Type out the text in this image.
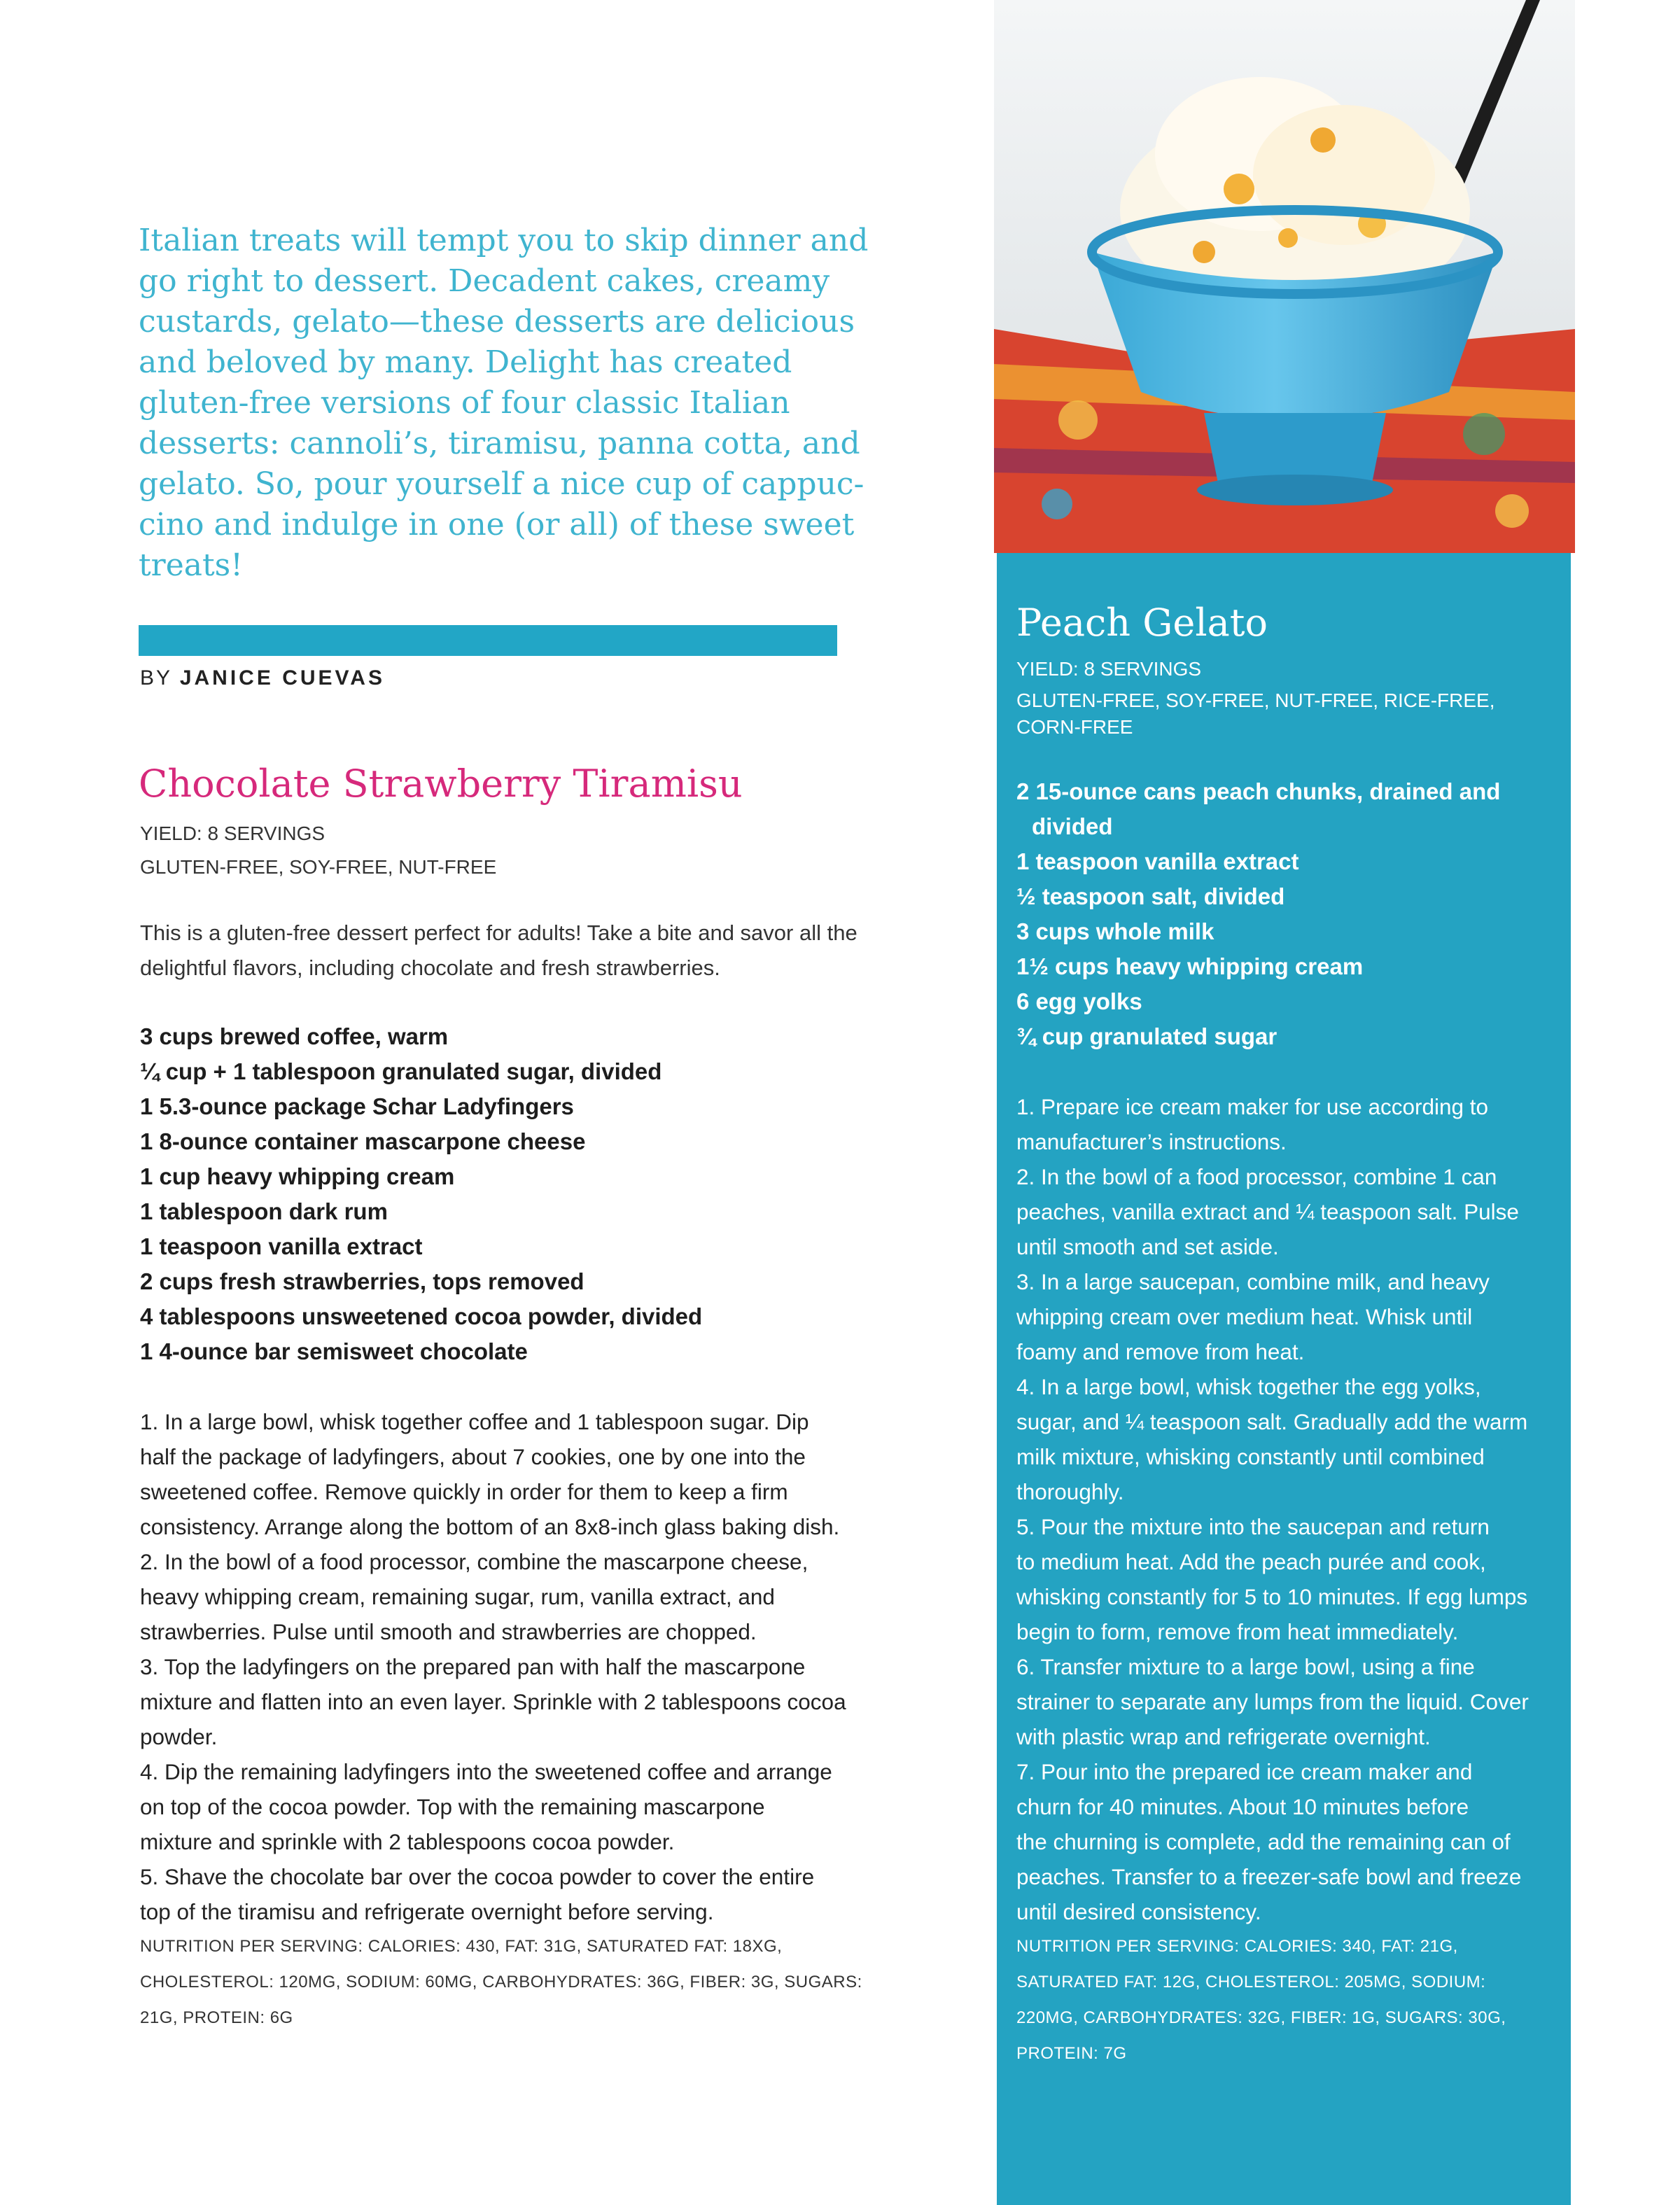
Italian treats will tempt you to skip dinner and
go right to dessert. Decadent cakes, creamy
custards, gelato—these desserts are delicious
and beloved by many. Delight has created
gluten-free versions of four classic Italian
desserts: cannoli’s, tiramisu, panna cotta, and
gelato. So, pour yourself a nice cup of cappuc-
cino and indulge in one (or all) of these sweet
treats!
BY JANICE CUEVAS
Chocolate Strawberry Tiramisu
YIELD: 8 SERVINGS
GLUTEN-FREE, SOY-FREE, NUT-FREE
This is a gluten-free dessert perfect for adults! Take a bite and savor all the
delightful flavors, including chocolate and fresh strawberries.
3 cups brewed coffee, warm
¼ cup + 1 tablespoon granulated sugar, divided
1 5.3-ounce package Schar Ladyfingers
1 8-ounce container mascarpone cheese
1 cup heavy whipping cream
1 tablespoon dark rum
1 teaspoon vanilla extract
2 cups fresh strawberries, tops removed
4 tablespoons unsweetened cocoa powder, divided
1 4-ounce bar semisweet chocolate
1. In a large bowl, whisk together coffee and 1 tablespoon sugar. Dip
half the package of ladyfingers, about 7 cookies, one by one into the
sweetened coffee. Remove quickly in order for them to keep a firm
consistency. Arrange along the bottom of an 8x8-inch glass baking dish.
2. In the bowl of a food processor, combine the mascarpone cheese,
heavy whipping cream, remaining sugar, rum, vanilla extract, and
strawberries. Pulse until smooth and strawberries are chopped.
3. Top the ladyfingers on the prepared pan with half the mascarpone
mixture and flatten into an even layer. Sprinkle with 2 tablespoons cocoa
powder.
4. Dip the remaining ladyfingers into the sweetened coffee and arrange
on top of the cocoa powder. Top with the remaining mascarpone
mixture and sprinkle with 2 tablespoons cocoa powder.
5. Shave the chocolate bar over the cocoa powder to cover the entire
top of the tiramisu and refrigerate overnight before serving.
NUTRITION PER SERVING: CALORIES: 430, FAT: 31G, SATURATED FAT: 18XG,
CHOLESTEROL: 120MG, SODIUM: 60MG, CARBOHYDRATES: 36G, FIBER: 3G, SUGARS:
21G, PROTEIN: 6G
Peach Gelato
YIELD: 8 SERVINGS
GLUTEN-FREE, SOY-FREE, NUT-FREE, RICE-FREE,
CORN-FREE
2 15-ounce cans peach chunks, drained and
divided
1 teaspoon vanilla extract
½ teaspoon salt, divided
3 cups whole milk
1½ cups heavy whipping cream
6 egg yolks
¾ cup granulated sugar
1. Prepare ice cream maker for use according to
manufacturer’s instructions.
2. In the bowl of a food processor, combine 1 can
peaches, vanilla extract and ¼ teaspoon salt. Pulse
until smooth and set aside.
3. In a large saucepan, combine milk, and heavy
whipping cream over medium heat. Whisk until
foamy and remove from heat.
4. In a large bowl, whisk together the egg yolks,
sugar, and ¼ teaspoon salt. Gradually add the warm
milk mixture, whisking constantly until combined
thoroughly.
5. Pour the mixture into the saucepan and return
to medium heat. Add the peach purée and cook,
whisking constantly for 5 to 10 minutes. If egg lumps
begin to form, remove from heat immediately.
6. Transfer mixture to a large bowl, using a fine
strainer to separate any lumps from the liquid. Cover
with plastic wrap and refrigerate overnight.
7. Pour into the prepared ice cream maker and
churn for 40 minutes. About 10 minutes before
the churning is complete, add the remaining can of
peaches. Transfer to a freezer-safe bowl and freeze
until desired consistency.
NUTRITION PER SERVING: CALORIES: 340, FAT: 21G,
SATURATED FAT: 12G, CHOLESTEROL: 205MG, SODIUM:
220MG, CARBOHYDRATES: 32G, FIBER: 1G, SUGARS: 30G,
PROTEIN: 7G
